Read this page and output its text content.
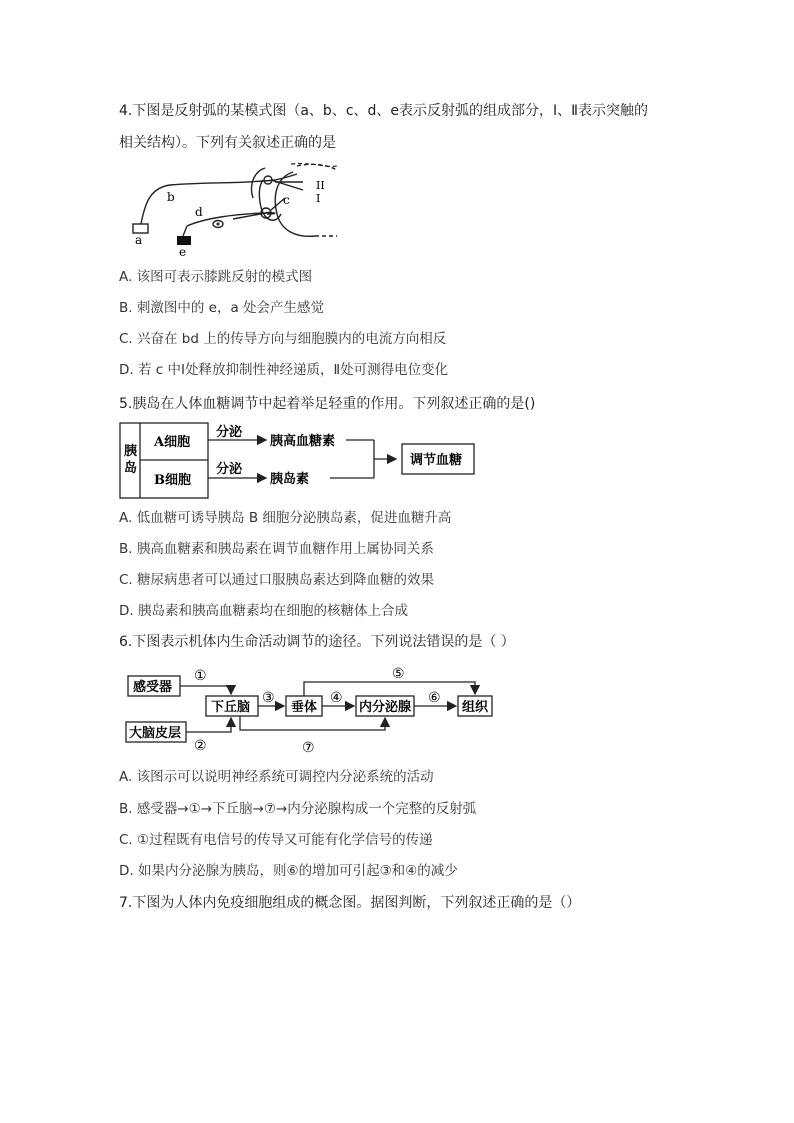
4.下图是反射弧的某模式图（a、b、c、d、e表示反射弧的组成部分，Ⅰ、Ⅱ表示突触的
相关结构）。下列有关叙述正确的是
a
b	c
d
e
II
I
A. 该图可表示膝跳反射的模式图
B. 刺激图中的 e，a 处会产生感觉
C. 兴奋在 bd 上的传导方向与细胞膜内的电流方向相反
D. 若 c 中Ⅰ处释放抑制性神经递质，Ⅱ处可测得电位变化
5.胰岛在人体血糖调节中起着举足轻重的作用。下列叙述正确的是()
胰
岛
A细胞
B细胞
分泌
分泌
胰高血糖素
胰岛素
调节血糖
A. 低血糖可诱导胰岛 B 细胞分泌胰岛素，促进血糖升高
B. 胰高血糖素和胰岛素在调节血糖作用上属协同关系
C. 糖尿病患者可以通过口服胰岛素达到降血糖的效果
D. 胰岛素和胰高血糖素均在细胞的核糖体上合成
6.下图表示机体内生命活动调节的途径。下列说法错误的是（ ）
感受器
大脑皮层
下丘脑	垂体	内分泌腺	组织
①
②
③	④
⑤
⑥
⑦
A. 该图示可以说明神经系统可调控内分泌系统的活动
B. 感受器→①→下丘脑→⑦→内分泌腺构成一个完整的反射弧
C. ①过程既有电信号的传导又可能有化学信号的传递
D. 如果内分泌腺为胰岛，则⑥的增加可引起③和④的减少
7.下图为人体内免疫细胞组成的概念图。据图判断，下列叙述正确的是（）
